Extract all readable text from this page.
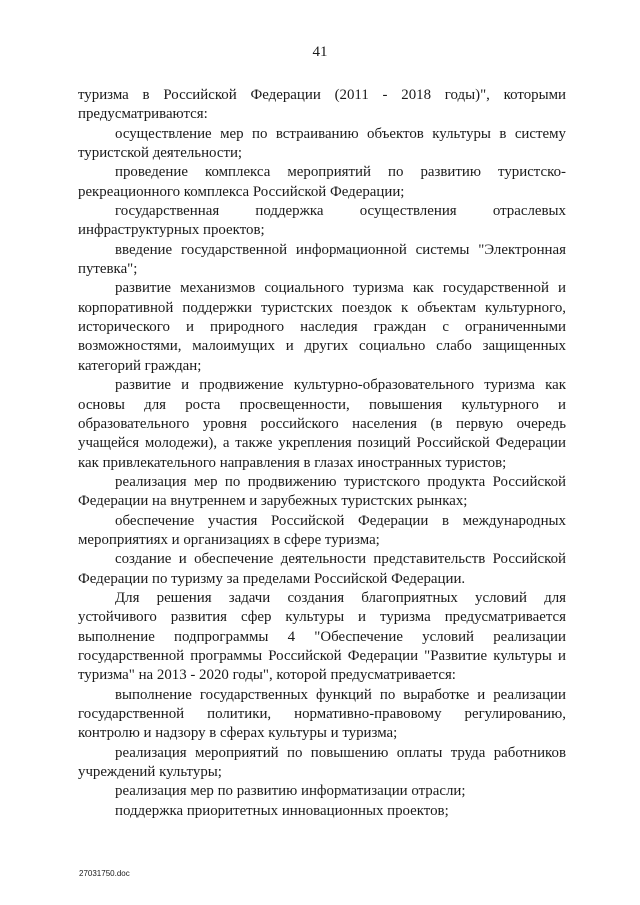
41

туризма в Российской Федерации (2011 - 2018 годы)", которыми предусматриваются:

осуществление мер по встраиванию объектов культуры в систему туристской деятельности;

проведение комплекса мероприятий по развитию туристско-рекреационного комплекса Российской Федерации;

государственная поддержка осуществления отраслевых инфраструктурных проектов;

введение государственной информационной системы "Электронная путевка";

развитие механизмов социального туризма как государственной и корпоративной поддержки туристских поездок к объектам культурного, исторического и природного наследия граждан с ограниченными возможностями, малоимущих и других социально слабо защищенных категорий граждан;

развитие и продвижение культурно-образовательного туризма как основы для роста просвещенности, повышения культурного и образовательного уровня российского населения (в первую очередь учащейся молодежи), а также укрепления позиций Российской Федерации как привлекательного направления в глазах иностранных туристов;

реализация мер по продвижению туристского продукта Российской Федерации на внутреннем и зарубежных туристских рынках;

обеспечение участия Российской Федерации в международных мероприятиях и организациях в сфере туризма;

создание и обеспечение деятельности представительств Российской Федерации по туризму за пределами Российской Федерации.

Для решения задачи создания благоприятных условий для устойчивого развития сфер культуры и туризма предусматривается выполнение подпрограммы 4 "Обеспечение условий реализации государственной программы Российской Федерации "Развитие культуры и туризма" на 2013 - 2020 годы", которой предусматривается:

выполнение государственных функций по выработке и реализации государственной политики, нормативно-правовому регулированию, контролю и надзору в сферах культуры и туризма;

реализация мероприятий по повышению оплаты труда работников учреждений культуры;

реализация мер по развитию информатизации отрасли;

поддержка приоритетных инновационных проектов;

27031750.doc
